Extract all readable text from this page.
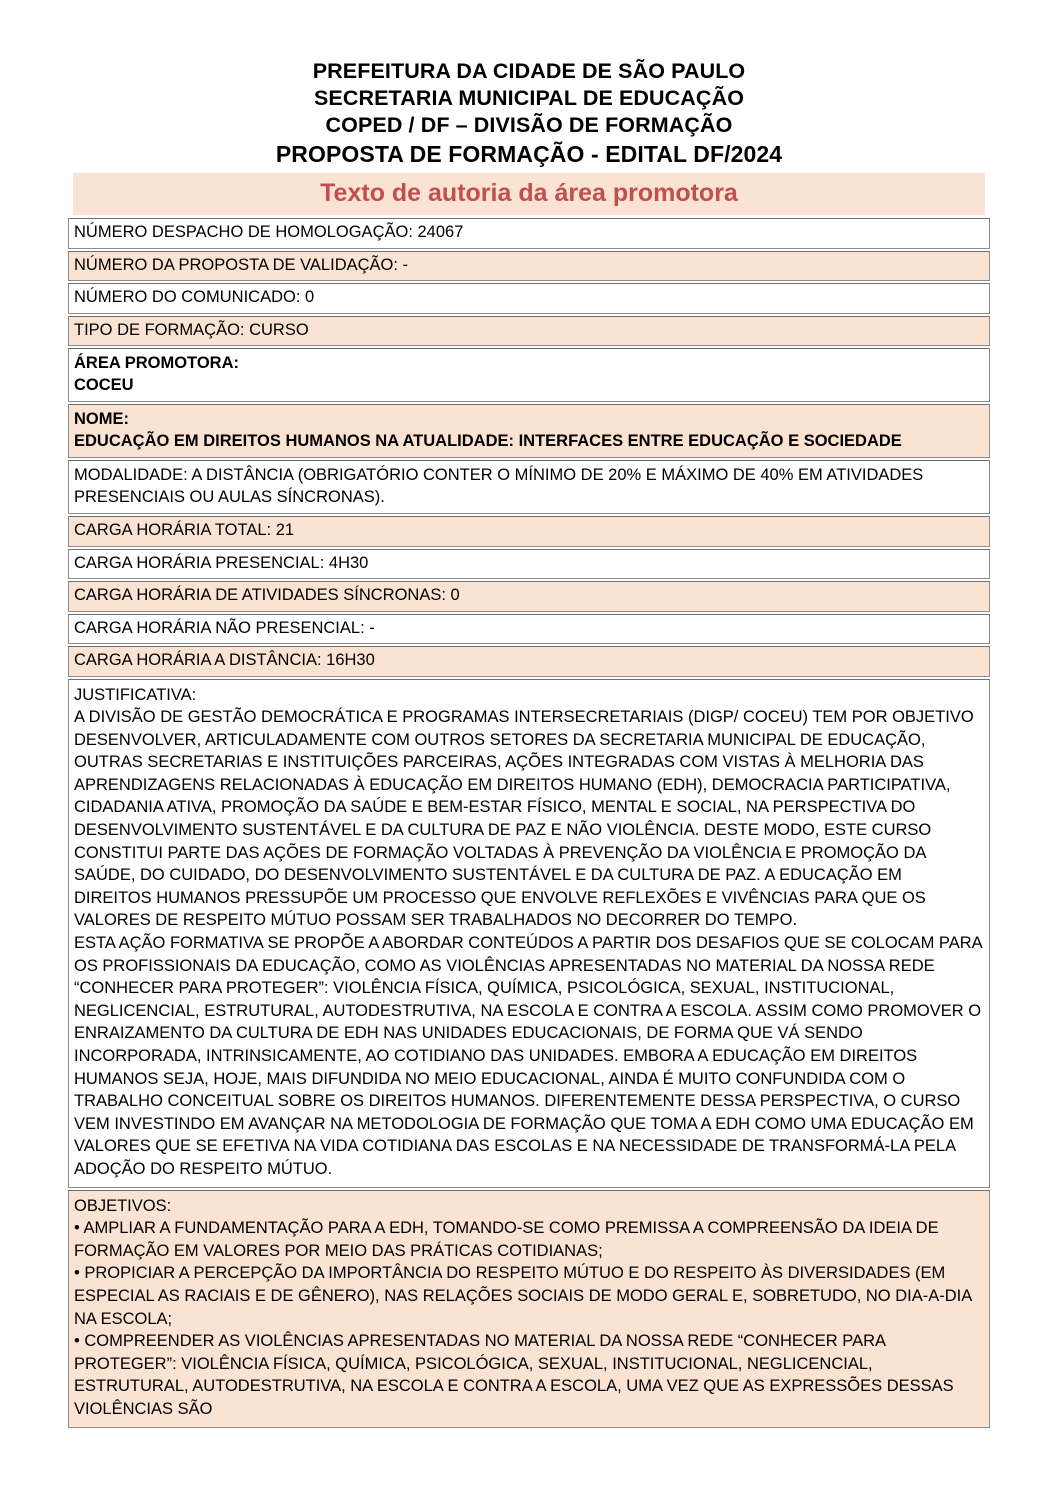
PREFEITURA DA CIDADE DE SÃO PAULO
SECRETARIA MUNICIPAL DE EDUCAÇÃO
COPED / DF – DIVISÃO DE FORMAÇÃO
PROPOSTA DE FORMAÇÃO - EDITAL DF/2024
Texto de autoria da área promotora

NÚMERO DESPACHO DE HOMOLOGAÇÃO: 24067

NÚMERO DA PROPOSTA DE VALIDAÇÃO: -

NÚMERO DO COMUNICADO: 0

TIPO DE FORMAÇÃO: CURSO

ÁREA PROMOTORA:

COCEU

NOME:

EDUCAÇÃO EM DIREITOS HUMANOS NA ATUALIDADE: INTERFACES ENTRE EDUCAÇÃO E SOCIEDADE

MODALIDADE: A DISTÂNCIA (OBRIGATÓRIO CONTER O MÍNIMO DE 20% E MÁXIMO DE 40% EM ATIVIDADES PRESENCIAIS OU AULAS SÍNCRONAS).

CARGA HORÁRIA TOTAL: 21

CARGA HORÁRIA PRESENCIAL: 4H30

CARGA HORÁRIA DE ATIVIDADES SÍNCRONAS: 0

CARGA HORÁRIA NÃO PRESENCIAL: -

CARGA HORÁRIA A DISTÂNCIA: 16H30

JUSTIFICATIVA:

A DIVISÃO DE GESTÃO DEMOCRÁTICA E PROGRAMAS INTERSECRETARIAIS (DIGP/ COCEU) TEM POR OBJETIVO DESENVOLVER, ARTICULADAMENTE COM OUTROS SETORES DA SECRETARIA MUNICIPAL DE EDUCAÇÃO, OUTRAS SECRETARIAS E INSTITUIÇÕES PARCEIRAS, AÇÕES INTEGRADAS COM VISTAS À MELHORIA DAS APRENDIZAGENS RELACIONADAS À EDUCAÇÃO EM DIREITOS HUMANO (EDH), DEMOCRACIA PARTICIPATIVA, CIDADANIA ATIVA, PROMOÇÃO DA SAÚDE E BEM-ESTAR FÍSICO, MENTAL E SOCIAL, NA PERSPECTIVA DO DESENVOLVIMENTO SUSTENTÁVEL E DA CULTURA DE PAZ E NÃO VIOLÊNCIA. DESTE MODO, ESTE CURSO CONSTITUI PARTE DAS AÇÕES DE FORMAÇÃO VOLTADAS À PREVENÇÃO DA VIOLÊNCIA E PROMOÇÃO DA SAÚDE, DO CUIDADO, DO DESENVOLVIMENTO SUSTENTÁVEL E DA CULTURA DE PAZ. A EDUCAÇÃO EM DIREITOS HUMANOS PRESSUPÕE UM PROCESSO QUE ENVOLVE REFLEXÕES E VIVÊNCIAS PARA QUE OS VALORES DE RESPEITO MÚTUO POSSAM SER TRABALHADOS NO DECORRER DO TEMPO.

ESTA AÇÃO FORMATIVA SE PROPÕE A ABORDAR CONTEÚDOS A PARTIR DOS DESAFIOS QUE SE COLOCAM PARA OS PROFISSIONAIS DA EDUCAÇÃO, COMO AS VIOLÊNCIAS APRESENTADAS NO MATERIAL DA NOSSA REDE “CONHECER PARA PROTEGER”: VIOLÊNCIA FÍSICA, QUÍMICA, PSICOLÓGICA, SEXUAL, INSTITUCIONAL, NEGLICENCIAL, ESTRUTURAL, AUTODESTRUTIVA, NA ESCOLA E CONTRA A ESCOLA. ASSIM COMO PROMOVER O ENRAIZAMENTO DA CULTURA DE EDH NAS UNIDADES EDUCACIONAIS, DE FORMA QUE VÁ SENDO INCORPORADA, INTRINSICAMENTE, AO COTIDIANO DAS UNIDADES. EMBORA A EDUCAÇÃO EM DIREITOS HUMANOS SEJA, HOJE, MAIS DIFUNDIDA NO MEIO EDUCACIONAL, AINDA É MUITO CONFUNDIDA COM O TRABALHO CONCEITUAL SOBRE OS DIREITOS HUMANOS. DIFERENTEMENTE DESSA PERSPECTIVA, O CURSO VEM INVESTINDO EM AVANÇAR NA METODOLOGIA DE FORMAÇÃO QUE TOMA A EDH COMO UMA EDUCAÇÃO EM VALORES QUE SE EFETIVA NA VIDA COTIDIANA DAS ESCOLAS E NA NECESSIDADE DE TRANSFORMÁ-LA PELA ADOÇÃO DO RESPEITO MÚTUO.

OBJETIVOS:

• AMPLIAR A FUNDAMENTAÇÃO PARA A EDH, TOMANDO-SE COMO PREMISSA A COMPREENSÃO DA IDEIA DE FORMAÇÃO EM VALORES POR MEIO DAS PRÁTICAS COTIDIANAS;

• PROPICIAR A PERCEPÇÃO DA IMPORTÂNCIA DO RESPEITO MÚTUO E DO RESPEITO ÀS DIVERSIDADES (EM ESPECIAL AS RACIAIS E DE GÊNERO), NAS RELAÇÕES SOCIAIS DE MODO GERAL E, SOBRETUDO, NO DIA-A-DIA NA ESCOLA;

• COMPREENDER AS VIOLÊNCIAS APRESENTADAS NO MATERIAL DA NOSSA REDE “CONHECER PARA PROTEGER”: VIOLÊNCIA FÍSICA, QUÍMICA, PSICOLÓGICA, SEXUAL, INSTITUCIONAL, NEGLICENCIAL, ESTRUTURAL, AUTODESTRUTIVA, NA ESCOLA E CONTRA A ESCOLA, UMA VEZ QUE AS EXPRESSÕES DESSAS VIOLÊNCIAS SÃO
